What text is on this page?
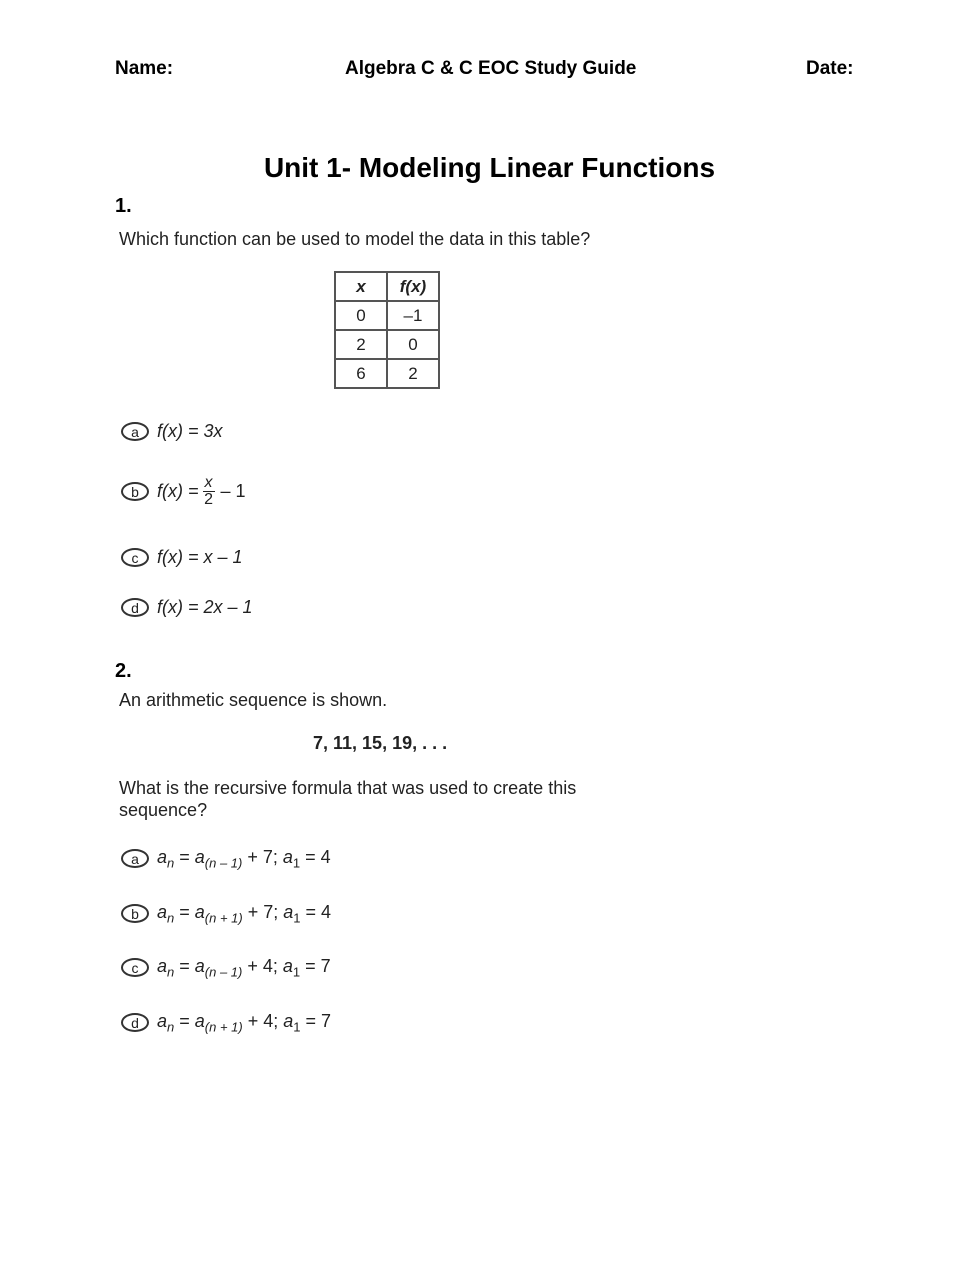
Name:	Algebra C & C EOC Study Guide	Date:
Unit 1- Modeling Linear Functions
1.
Which function can be used to model the data in this table?
x	f(x)
0	–1
2	0
6	2
a	f(x) =
3x
b	$f(x) = \frac{x}{2} - 1$
c	f(x) =
x – 1
d	f(x) =
2x – 1
2.
An arithmetic sequence is shown.
7, 11, 15, 19, . . .
What is the recursive formula that was used to create this
sequence?
a	$a_n = a_{(n - 1)} + 7$; $a_1 = 4$
b	$a_n = a_{(n + 1)} + 7$; $a_1 = 4$
c	$a_n = a_{(n - 1)} + 4$; $a_1 = 7$
d	$a_n = a_{(n + 1)} + 4$; $a_1 = 7$
